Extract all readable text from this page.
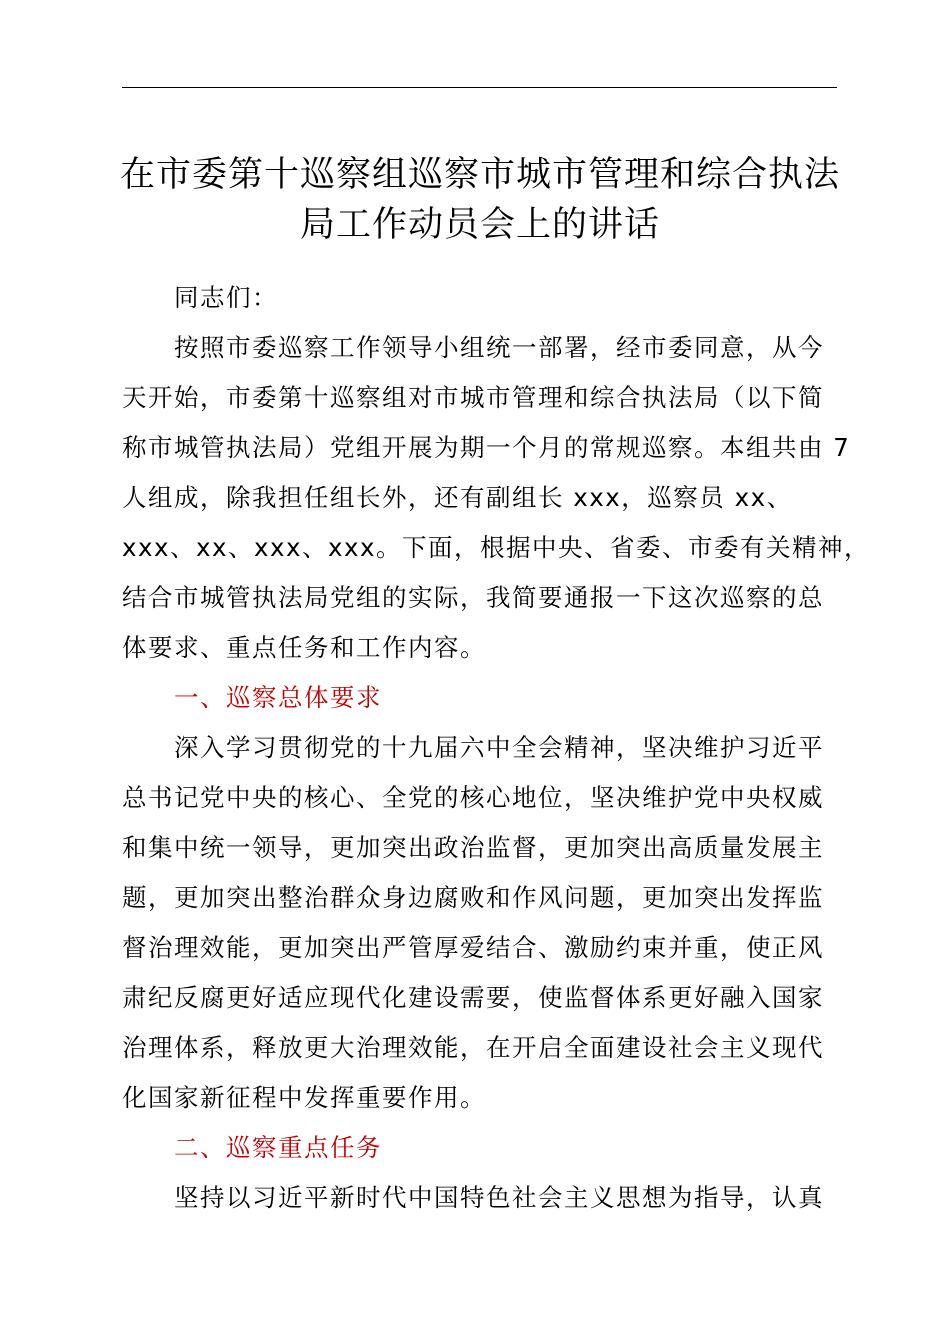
在市委第十巡察组巡察市城市管理和综合执法
局工作动员会上的讲话
同志们：
按照市委巡察工作领导小组统一部署，经市委同意，从今
天开始，市委第十巡察组对市城市管理和综合执法局（以下简
称市城管执法局）党组开展为期一个月的常规巡察。本组共由 7
人组成，除我担任组长外，还有副组长 xxx，巡察员 xx、
xxx、xx、xxx、xxx。下面，根据中央、省委、市委有关精神，
结合市城管执法局党组的实际，我简要通报一下这次巡察的总
体要求、重点任务和工作内容。
一、巡察总体要求
深入学习贯彻党的十九届六中全会精神，坚决维护习近平
总书记党中央的核心、全党的核心地位，坚决维护党中央权威
和集中统一领导，更加突出政治监督，更加突出高质量发展主
题，更加突出整治群众身边腐败和作风问题，更加突出发挥监
督治理效能，更加突出严管厚爱结合、激励约束并重，使正风
肃纪反腐更好适应现代化建设需要，使监督体系更好融入国家
治理体系，释放更大治理效能，在开启全面建设社会主义现代
化国家新征程中发挥重要作用。
二、巡察重点任务
坚持以习近平新时代中国特色社会主义思想为指导，认真
